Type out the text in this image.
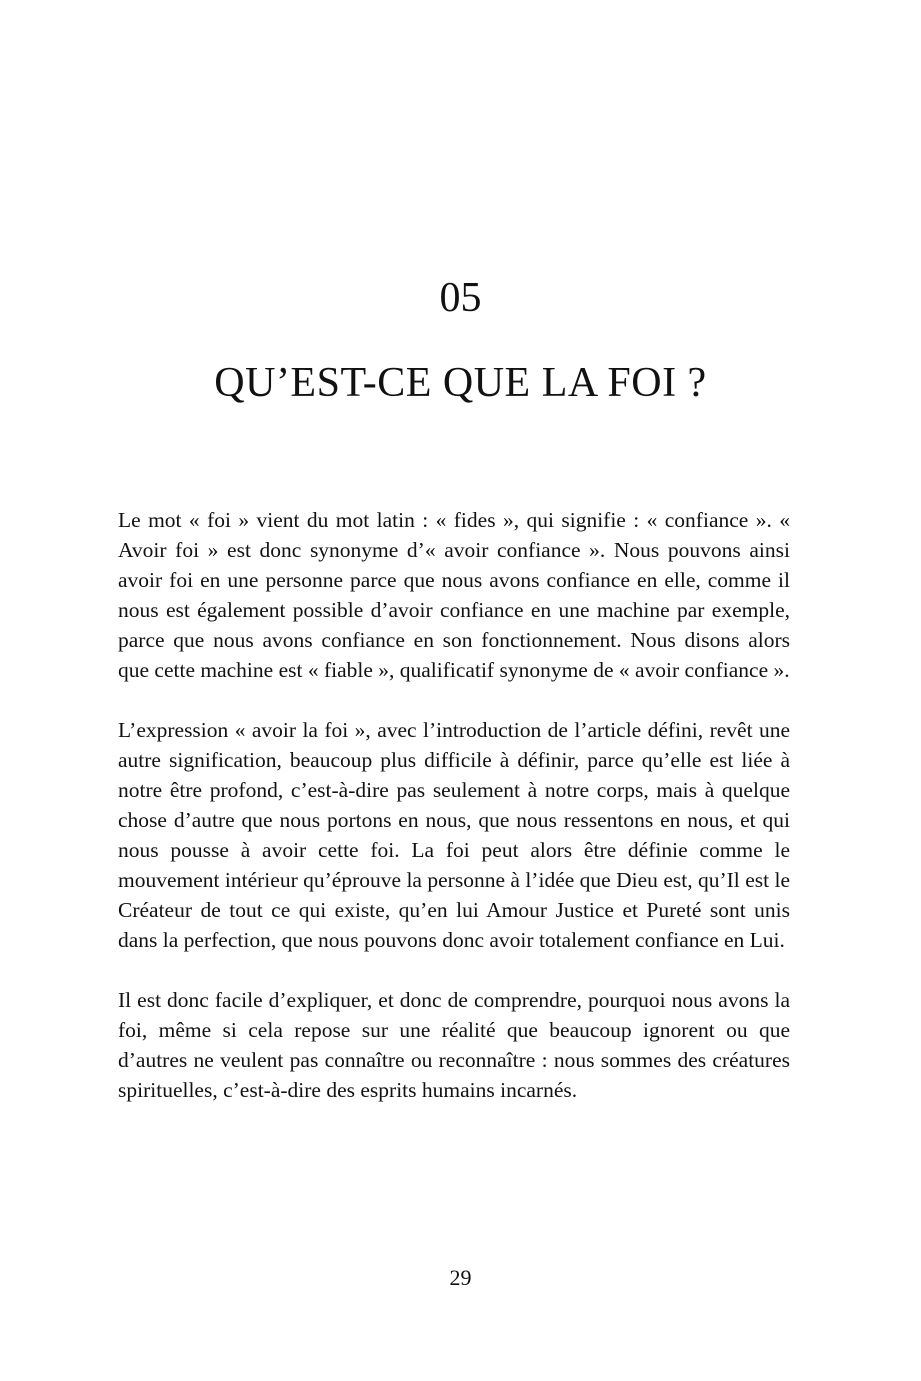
05
QU’EST-CE QUE LA FOI ?

Le mot « foi » vient du mot latin : « fides », qui signifie : « confiance ». « Avoir foi » est donc synonyme d’« avoir confiance ». Nous pouvons ainsi avoir foi en une personne parce que nous avons confiance en elle, comme il nous est également possible d’avoir confiance en une machine par exemple, parce que nous avons confiance en son fonctionnement. Nous disons alors que cette machine est « fiable », qualificatif synonyme de « avoir confiance ».

L’expression « avoir la foi », avec l’introduction de l’article défini, revêt une autre signification, beaucoup plus difficile à définir, parce qu’elle est liée à notre être profond, c’est-à-dire pas seulement à notre corps, mais à quelque chose d’autre que nous portons en nous, que nous ressentons en nous, et qui nous pousse à avoir cette foi. La foi peut alors être définie comme le mouvement intérieur qu’éprouve la personne à l’idée que Dieu est, qu’Il est le Créateur de tout ce qui existe, qu’en lui Amour Justice et Pureté sont unis dans la perfection, que nous pouvons donc avoir totalement confiance en Lui.

Il est donc facile d’expliquer, et donc de comprendre, pourquoi nous avons la foi, même si cela repose sur une réalité que beaucoup ignorent ou que d’autres ne veulent pas connaître ou reconnaître : nous sommes des créatures spirituelles, c’est-à-dire des esprits humains incarnés.

29
